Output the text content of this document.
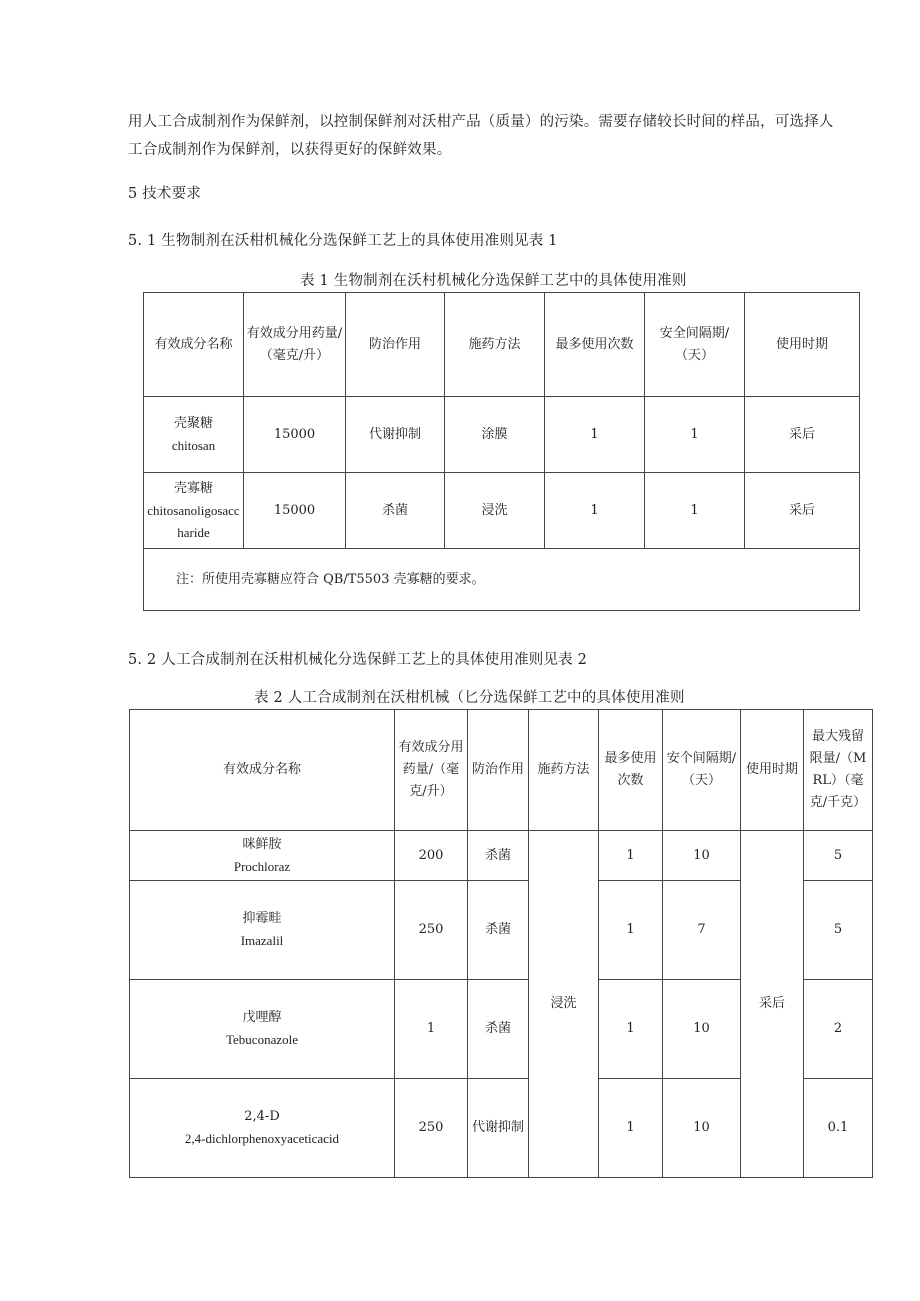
用人工合成制剂作为保鲜剂，以控制保鲜剂对沃柑产品（质量）的污染。需要存储较长时间的样品，可选择人
工合成制剂作为保鲜剂，以获得更好的保鲜效果。

5 技术要求

5. 1 生物制剂在沃柑机械化分选保鲜工艺上的具体使用准则见表 1

表 1 生物制剂在沃村机械化分选保鲜工艺中的具体使用准则
有效成分名称	有效成分用药量/（毫克/升）	防治作用	施药方法	最多使用次数	安全间隔期/（天）	使用时期

壳聚糖
chitosan	15000	代谢抑制	涂膜	1	1	采后

壳寡糖
chitosanoligosaccharide	15000	杀菌	浸洗	1	1	采后
注：所使用壳寡糖应符合 QB/T5503 壳寡糖的要求。						

5. 2 人工合成制剂在沃柑机械化分选保鲜工艺上的具体使用准则见表 2

表 2 人工合成制剂在沃柑机械（匕分选保鲜工艺中的具体使用准则
有效成分名称	有效成分用药量/（毫克/升）	防治作用	施药方法	最多使用次数	安个间隔期/（天）	使用时期	最大残留限量/（MRL）（毫克/千克）

咪鲜胺
Prochloraz	200	杀菌	浸洗	1	10	采后	5

抑霉畦
Imazalil	250	杀菌		1	7		5

戊哩醇
Tebuconazole	1	杀菌		1	10		2

2,4-D
2,4-dichlorphenoxyaceticacid	250	代谢抑制		1	10		0.1
